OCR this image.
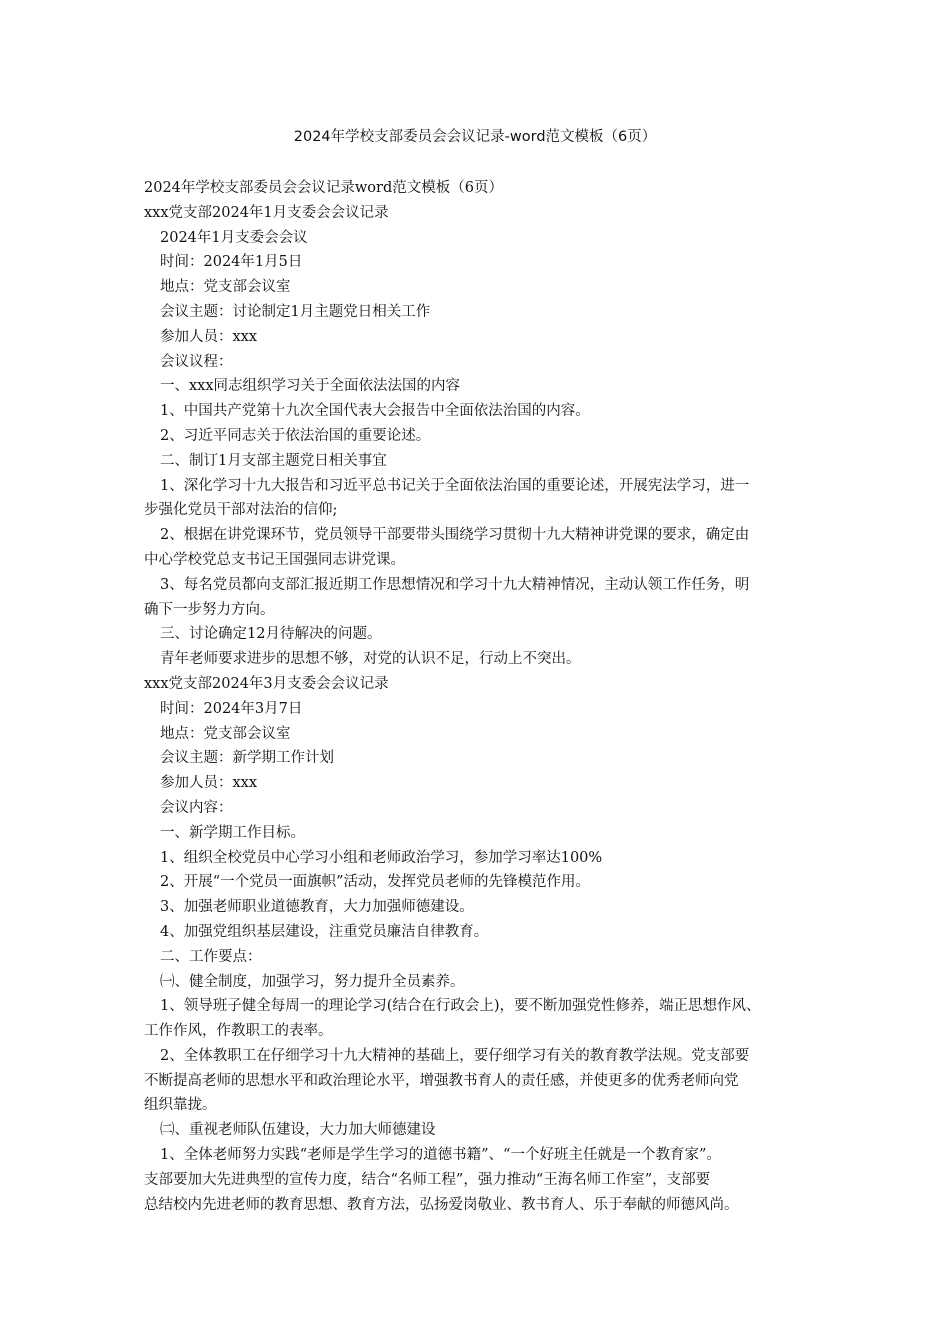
2024年学校支部委员会会议记录-word范文模板（6页）

2024年学校支部委员会会议记录word范文模板（6页）

xxx党支部2024年1月支委会会议记录

2024年1月支委会会议

时间：2024年1月5日

地点：党支部会议室

会议主题：讨论制定1月主题党日相关工作

参加人员：xxx

会议议程：

一、xxx同志组织学习关于全面依法法国的内容

1、中国共产党第十九次全国代表大会报告中全面依法治国的内容。

2、习近平同志关于依法治国的重要论述。

二、制订1月支部主题党日相关事宜

1、深化学习十九大报告和习近平总书记关于全面依法治国的重要论述，开展宪法学习，进一

步强化党员干部对法治的信仰;

2、根据在讲党课环节，党员领导干部要带头围绕学习贯彻十九大精神讲党课的要求，确定由

中心学校党总支书记王国强同志讲党课。

3、每名党员都向支部汇报近期工作思想情况和学习十九大精神情况，主动认领工作任务，明

确下一步努力方向。

三、讨论确定12月待解决的问题。

青年老师要求进步的思想不够，对党的认识不足，行动上不突出。

xxx党支部2024年3月支委会会议记录

时间：2024年3月7日

地点：党支部会议室

会议主题：新学期工作计划

参加人员：xxx

会议内容：

一、新学期工作目标。

1、组织全校党员中心学习小组和老师政治学习，参加学习率达100%

2、开展“一个党员一面旗帜”活动，发挥党员老师的先锋模范作用。

3、加强老师职业道德教育，大力加强师德建设。

4、加强党组织基层建设，注重党员廉洁自律教育。

二、工作要点：

㈠、健全制度，加强学习，努力提升全员素养。

1、领导班子健全每周一的理论学习(结合在行政会上)，要不断加强党性修养，端正思想作风、

工作作风，作教职工的表率。

2、全体教职工在仔细学习十九大精神的基础上，要仔细学习有关的教育教学法规。党支部要

不断提高老师的思想水平和政治理论水平，增强教书育人的责任感，并使更多的优秀老师向党

组织靠拢。

㈡、重视老师队伍建设，大力加大师德建设

1、全体老师努力实践“老师是学生学习的道德书籍”、“一个好班主任就是一个教育家”。

支部要加大先进典型的宣传力度，结合“名师工程”，强力推动“王海名师工作室”，支部要

总结校内先进老师的教育思想、教育方法，弘扬爱岗敬业、教书育人、乐于奉献的师德风尚。
